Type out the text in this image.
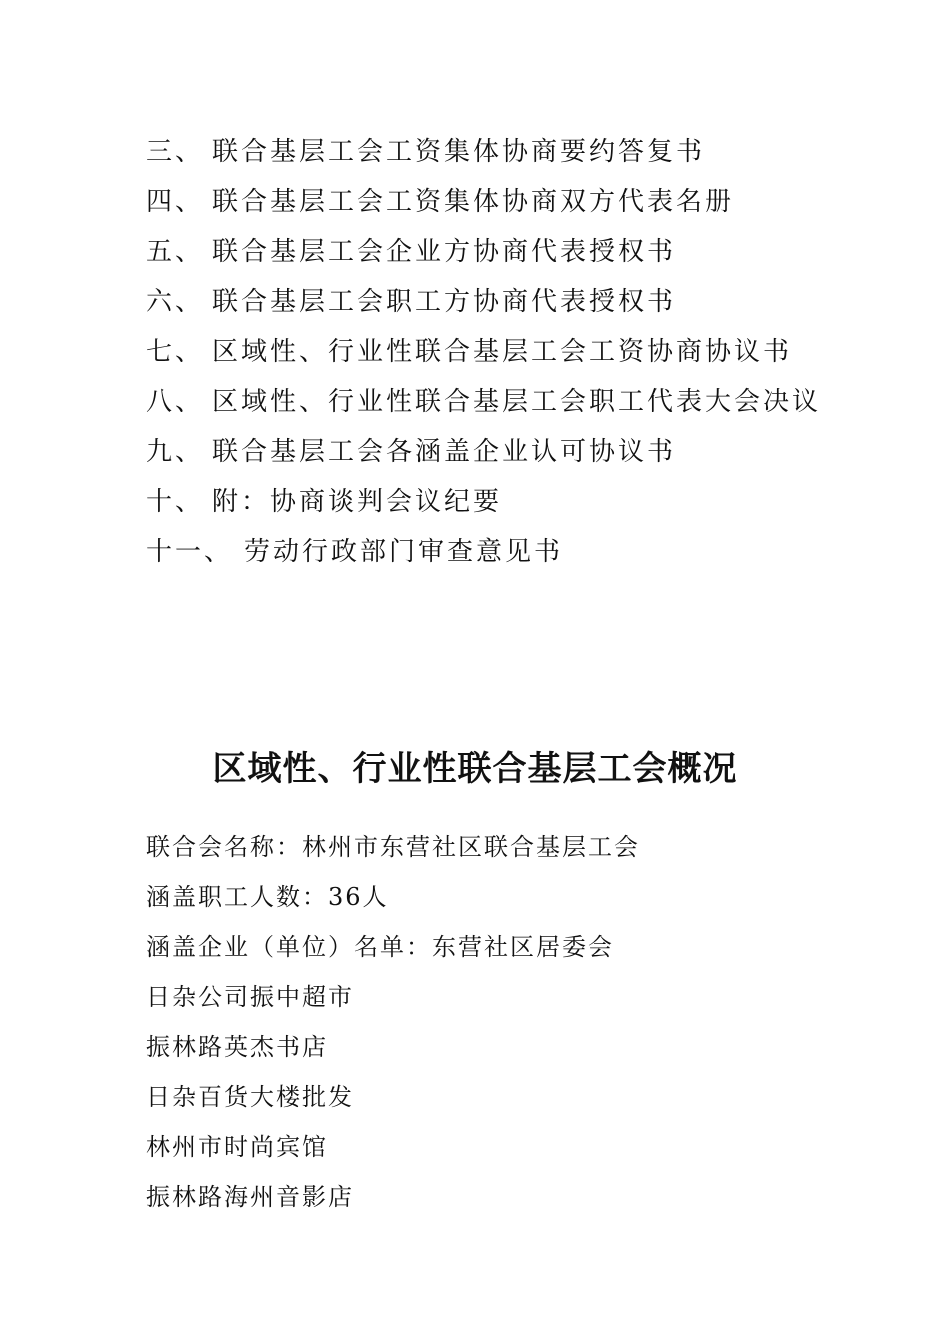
三、 联合基层工会工资集体协商要约答复书
四、 联合基层工会工资集体协商双方代表名册
五、 联合基层工会企业方协商代表授权书
六、 联合基层工会职工方协商代表授权书
七、 区域性、行业性联合基层工会工资协商协议书
八、 区域性、行业性联合基层工会职工代表大会决议
九、 联合基层工会各涵盖企业认可协议书
十、 附：协商谈判会议纪要
十一、 劳动行政部门审查意见书
区域性、行业性联合基层工会概况
联合会名称：林州市东营社区联合基层工会
涵盖职工人数：36人
涵盖企业（单位）名单：东营社区居委会
日杂公司振中超市
振林路英杰书店
日杂百货大楼批发
林州市时尚宾馆
振林路海州音影店
